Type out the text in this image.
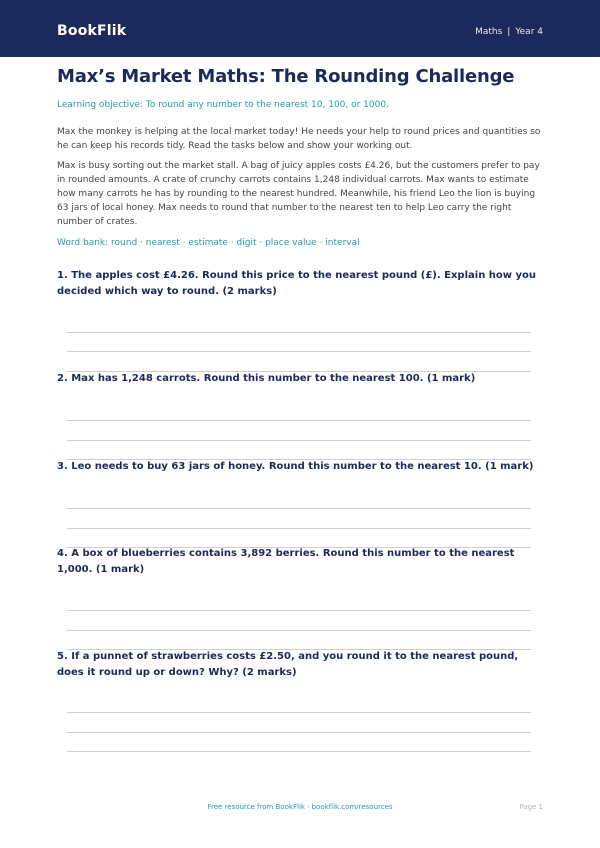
BookFlik	Maths | Year 4
Max’s Market Maths: The Rounding Challenge

Learning objective: To round any number to the nearest 10, 100, or 1000.

Max the monkey is helping at the local market today! He needs your help to round prices and quantities so he can keep his records tidy. Read the tasks below and show your working out.

Max is busy sorting out the market stall. A bag of juicy apples costs £4.26, but the customers prefer to pay in rounded amounts. A crate of crunchy carrots contains 1,248 individual carrots. Max wants to estimate how many carrots he has by rounding to the nearest hundred. Meanwhile, his friend Leo the lion is buying 63 jars of local honey. Max needs to round that number to the nearest ten to help Leo carry the right number of crates.

Word bank: round · nearest · estimate · digit · place value · interval

1. The apples cost £4.26. Round this price to the nearest pound (£). Explain how you decided which way to round. (2 marks)

2. Max has 1,248 carrots. Round this number to the nearest 100. (1 mark)

3. Leo needs to buy 63 jars of honey. Round this number to the nearest 10. (1 mark)

4. A box of blueberries contains 3,892 berries. Round this number to the nearest 1,000. (1 mark)

5. If a punnet of strawberries costs £2.50, and you round it to the nearest pound, does it round up or down? Why? (2 marks)

Free resource from BookFlik · bookflik.com/resources	Page 1
